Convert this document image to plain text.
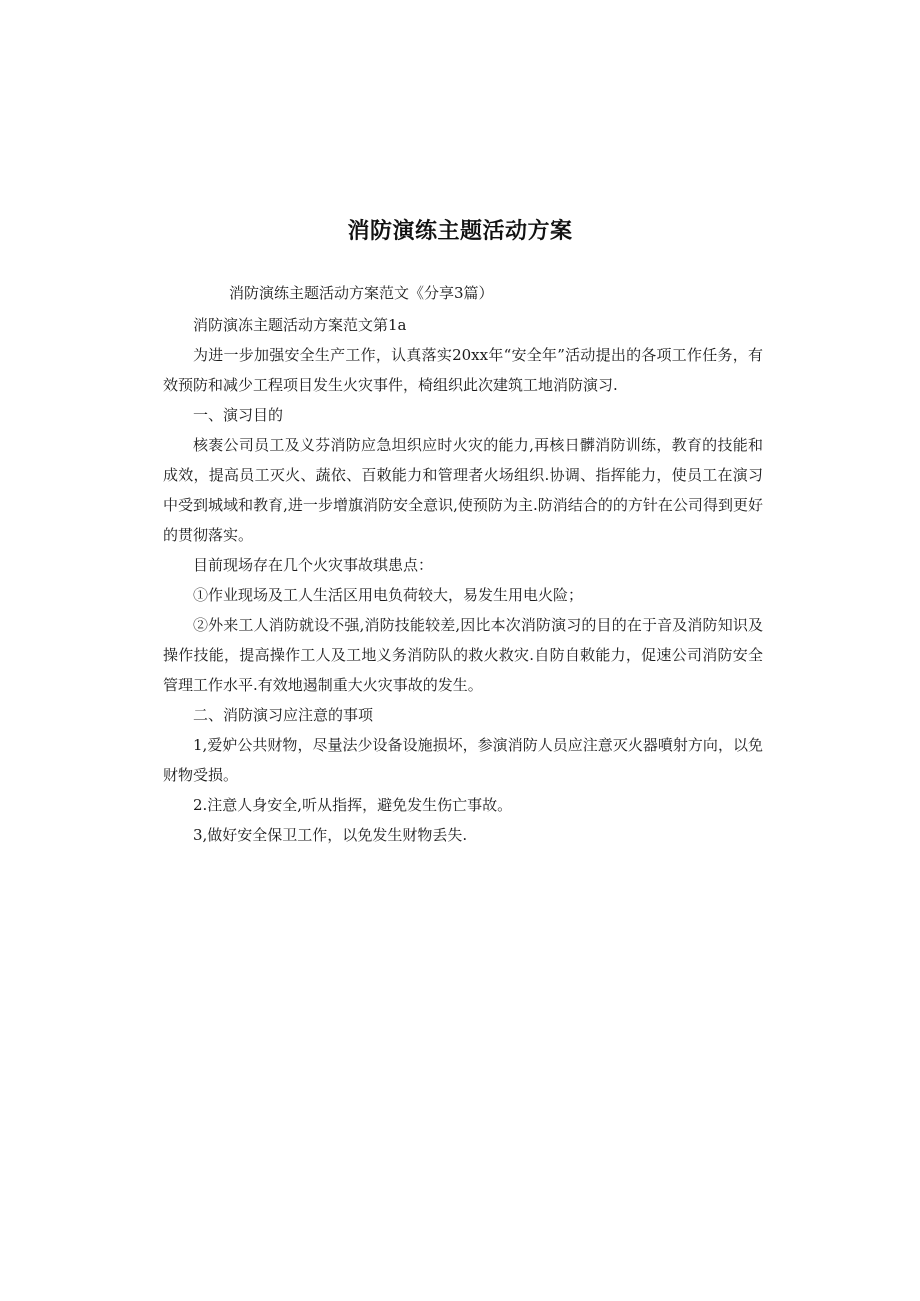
消防演练主题活动方案

消防演练主题活动方案范文《分享3篇）

消防演冻主题活动方案范文第1a

为进一步加强安全生产工作，认真落实20xx年“安全年”活动提出的各项工作任务，有效预防和减少工程项目发生火灾事件，椅组织此次建筑工地消防演习.

一、演习目的

核袠公司员工及义芬消防应急坦织应时火灾的能力,再核日髒消防训练，教育的技能和成效，提高员工灭火、蔬依、百敕能力和管理者火场组织.协调、指挥能力，使员工在演习中受到城域和教育,进一步增旗消防安全意识,使预防为主.防消结合的的方针在公司得到更好的贯彻落实。

目前现场存在几个火灾事故琪患点：

①作业现场及工人生活区用电负荷较大，易发生用电火险；

②外来工人消防就设不强,消防技能较差,因比本次消防演习的目的在于音及消防知识及操作技能，提高操作工人及工地义务消防队的救火救灾.自防自敕能力，促速公司消防安全管理工作水平.有效地遏制重大火灾事故的发生。

二、消防演习应注意的事项

1,爱妒公共财物，尽量法少设备设施损坏，参演消防人员应注意灭火器噴射方向，以免财物受损。

2.注意人身安全,听从指挥，避免发生伤亡事故。

3,做好安全保卫工作，以免发生财物丢失.
